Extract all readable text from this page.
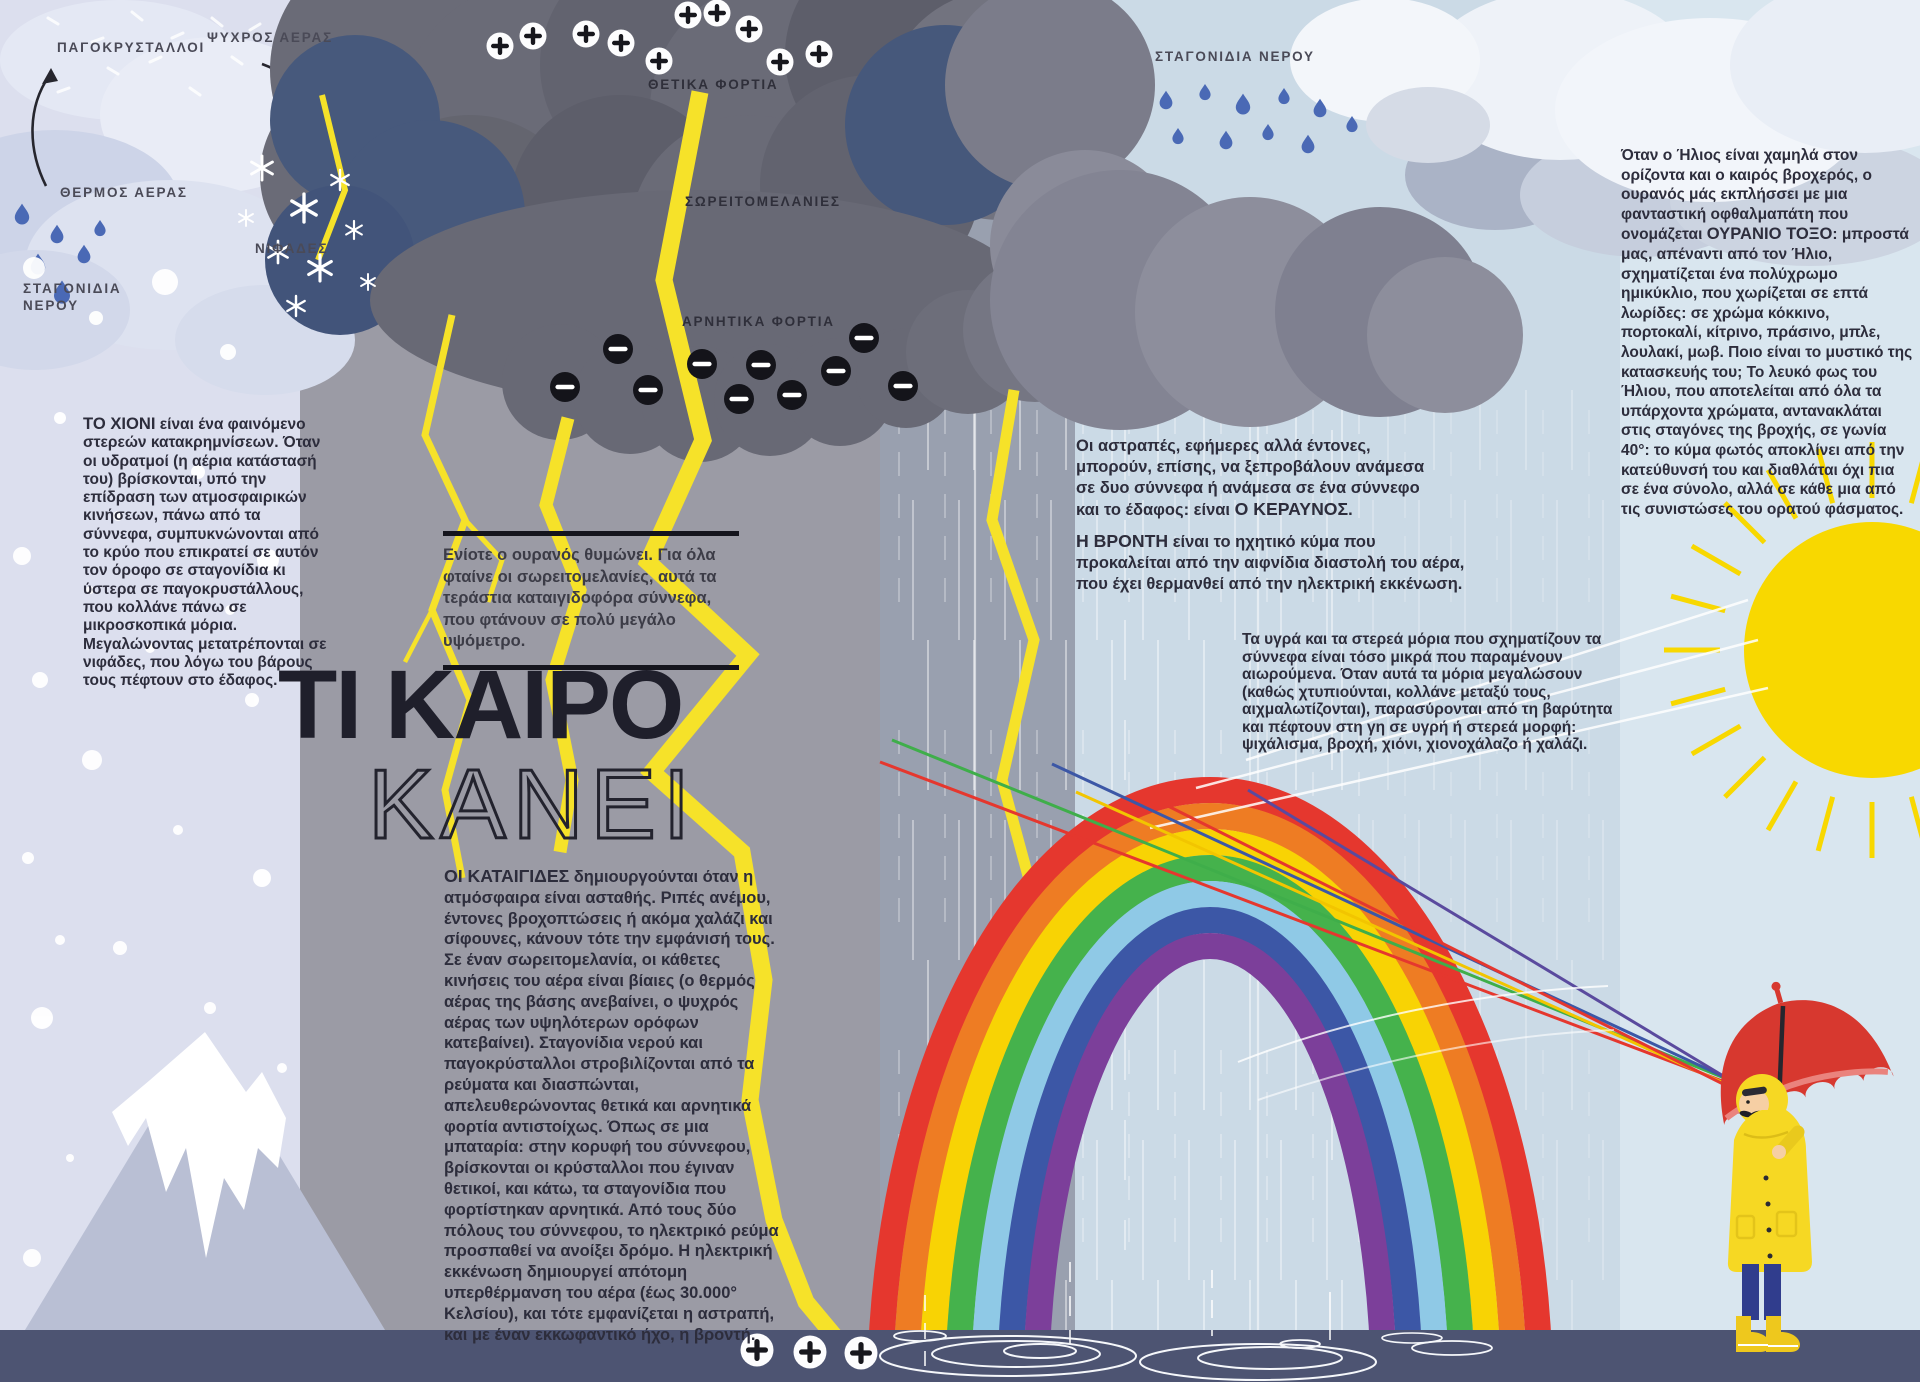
ΚΑΝΕΙ
ΠΑΓΟΚΡΥΣΤΑΛΛΟΙ
ΨΥΧΡΟΣ ΑΕΡΑΣ
ΘΕΡΜΟΣ ΑΕΡΑΣ
ΝΙΦΑΔΕΣ
ΣΤΑΓΟΝΙΔΙΑ ΝΕΡΟΥ
ΘΕΤΙΚΑ ΦΟΡΤΙΑ
ΣΩΡΕΙΤΟΜΕΛΑΝΙΕΣ
ΑΡΝΗΤΙΚΑ ΦΟΡΤΙΑ
ΣΤΑΓΟΝΙΔΙΑ ΝΕΡΟΥ
ΤΟ ΧΙΟΝΙ είναι ένα φαινόμενο στερεών κατακρημνίσεων. Όταν οι υδρατμοί (η αέρια κατάστασή του) βρίσκονται, υπό την επίδραση των ατμοσφαιρικών κινήσεων, πάνω από τα σύννεφα, συμπυκνώνονται από το κρύο που επικρατεί σε αυτόν τον όροφο σε σταγονίδια κι ύστερα σε παγοκρυστάλλους, που κολλάνε πάνω σε μικροσκοπικά μόρια. Μεγαλώνοντας μετατρέπονται σε νιφάδες, που λόγω του βάρους τους πέφτουν στο έδαφος.
Ενίοτε ο ουρανός θυμώνει. Για όλα φταίνε οι σωρειτομελανίες, αυτά τα τεράστια καταιγιδοφόρα σύννεφα, που φτάνουν σε πολύ μεγάλο υψόμετρο.
ΤΙ ΚΑΙΡΟ
ΟΙ ΚΑΤΑΙΓΙΔΕΣ δημιουργούνται όταν η ατμόσφαιρα είναι ασταθής. Ριπές ανέμου, έντονες βροχοπτώσεις ή ακόμα χαλάζι και σίφουνες, κάνουν τότε την εμφάνισή τους. Σε έναν σωρειτομελανία, οι κάθετες κινήσεις του αέρα είναι βίαιες (ο θερμός αέρας της βάσης ανεβαίνει, ο ψυχρός αέρας των υψηλότερων ορόφων κατεβαίνει). Σταγονίδια νερού και παγοκρύσταλλοι στροβιλίζονται από τα ρεύματα και διασπώνται, απελευθερώνοντας θετικά και αρνητικά φορτία αντιστοίχως. Όπως σε μια μπαταρία: στην κορυφή του σύννεφου, βρίσκονται οι κρύσταλλοι που έγιναν θετικοί, και κάτω, τα σταγονίδια που φορτίστηκαν αρνητικά. Από τους δύο πόλους του σύννεφου, το ηλεκτρικό ρεύμα προσπαθεί να ανοίξει δρόμο. Η ηλεκτρική εκκένωση δημιουργεί απότομη υπερθέρμανση του αέρα (έως 30.000° Κελσίου), και τότε εμφανίζεται η αστραπή, και με έναν εκκωφαντικό ήχο, η βροντή.
Οι αστραπές, εφήμερες αλλά έντονες, μπορούν, επίσης, να ξεπροβάλουν ανάμεσα σε δυο σύννεφα ή ανάμεσα σε ένα σύννεφο και το έδαφος: είναι Ο ΚΕΡΑΥΝΟΣ.
Η ΒΡΟΝΤΗ είναι το ηχητικό κύμα που προκαλείται από την αιφνίδια διαστολή του αέρα, που έχει θερμανθεί από την ηλεκτρική εκκένωση.
Τα υγρά και τα στερεά μόρια που σχηματίζουν τα σύννεφα είναι τόσο μικρά που παραμένουν αιωρούμενα. Όταν αυτά τα μόρια μεγαλώσουν (καθώς χτυπιούνται, κολλάνε μεταξύ τους, αιχμαλωτίζονται), παρασύρονται από τη βαρύτητα και πέφτουν στη γη σε υγρή ή στερεά μορφή: ψιχάλισμα, βροχή, χιόνι, χιονοχάλαζο ή χαλάζι.
Όταν ο Ήλιος είναι χαμηλά στον ορίζοντα και ο καιρός βροχερός, ο ουρανός μάς εκπλήσσει με μια φανταστική οφθαλμαπάτη που ονομάζεται ΟΥΡΑΝΙΟ ΤΟΞΟ: μπροστά μας, απέναντι από τον Ήλιο, σχηματίζεται ένα πολύχρωμο ημικύκλιο, που χωρίζεται σε επτά λωρίδες: σε χρώμα κόκκινο, πορτοκαλί, κίτρινο, πράσινο, μπλε, λουλακί, μωβ. Ποιο είναι το μυστικό της κατασκευής του; Το λευκό φως του Ήλιου, που αποτελείται από όλα τα υπάρχοντα χρώματα, αντανακλάται στις σταγόνες της βροχής, σε γωνία 40°: το κύμα φωτός αποκλίνει από την κατεύθυνσή του και διαθλάται όχι πια σε ένα σύνολο, αλλά σε κάθε μια από τις συνιστώσες του ορατού φάσματος.
